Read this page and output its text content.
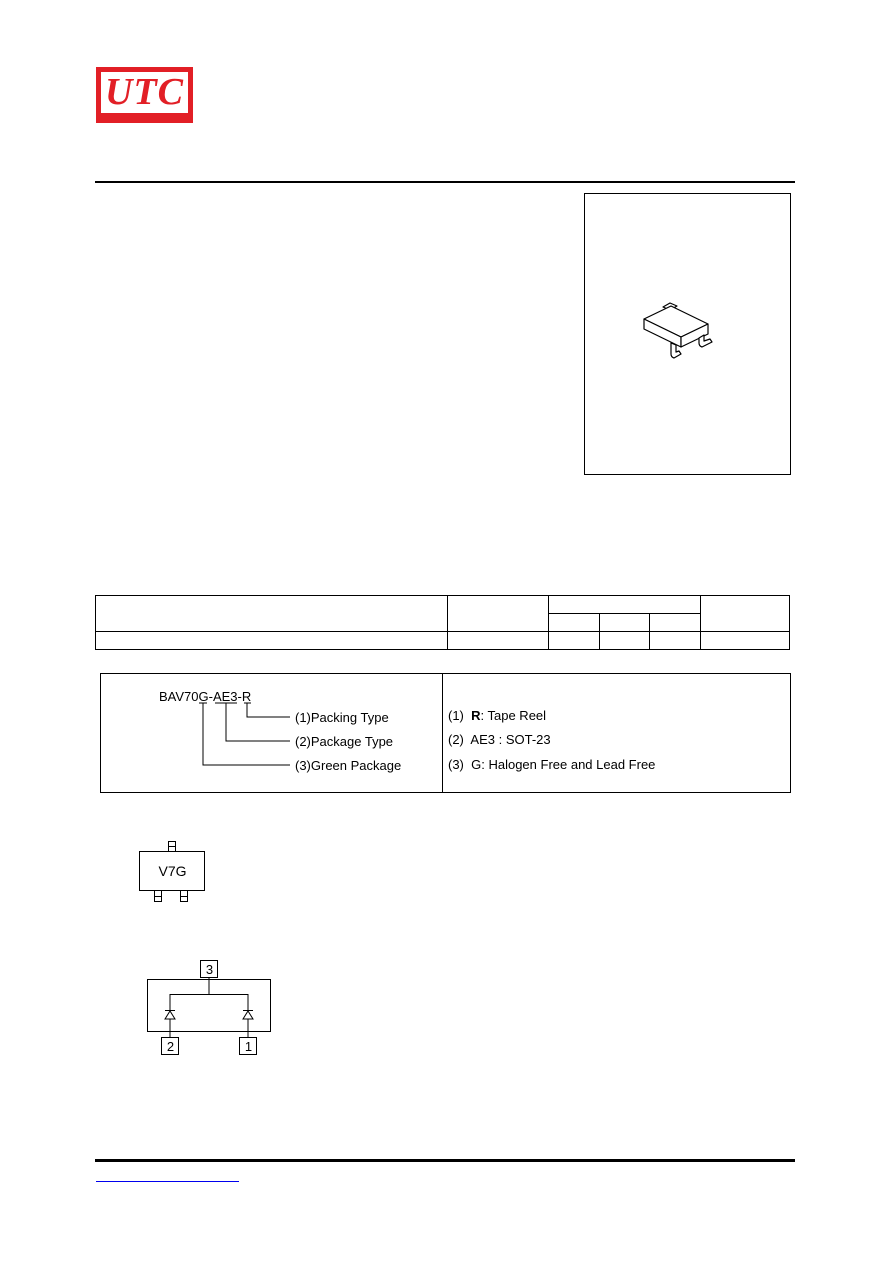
UTC

BAV70G-AE3-R
(1)Packing Type
(2)Package Type
(3)Green Package
(1) R: Tape Reel
(2) AE3 : SOT-23
(3) G: Halogen Free and Lead Free
V7G
3
2	1
